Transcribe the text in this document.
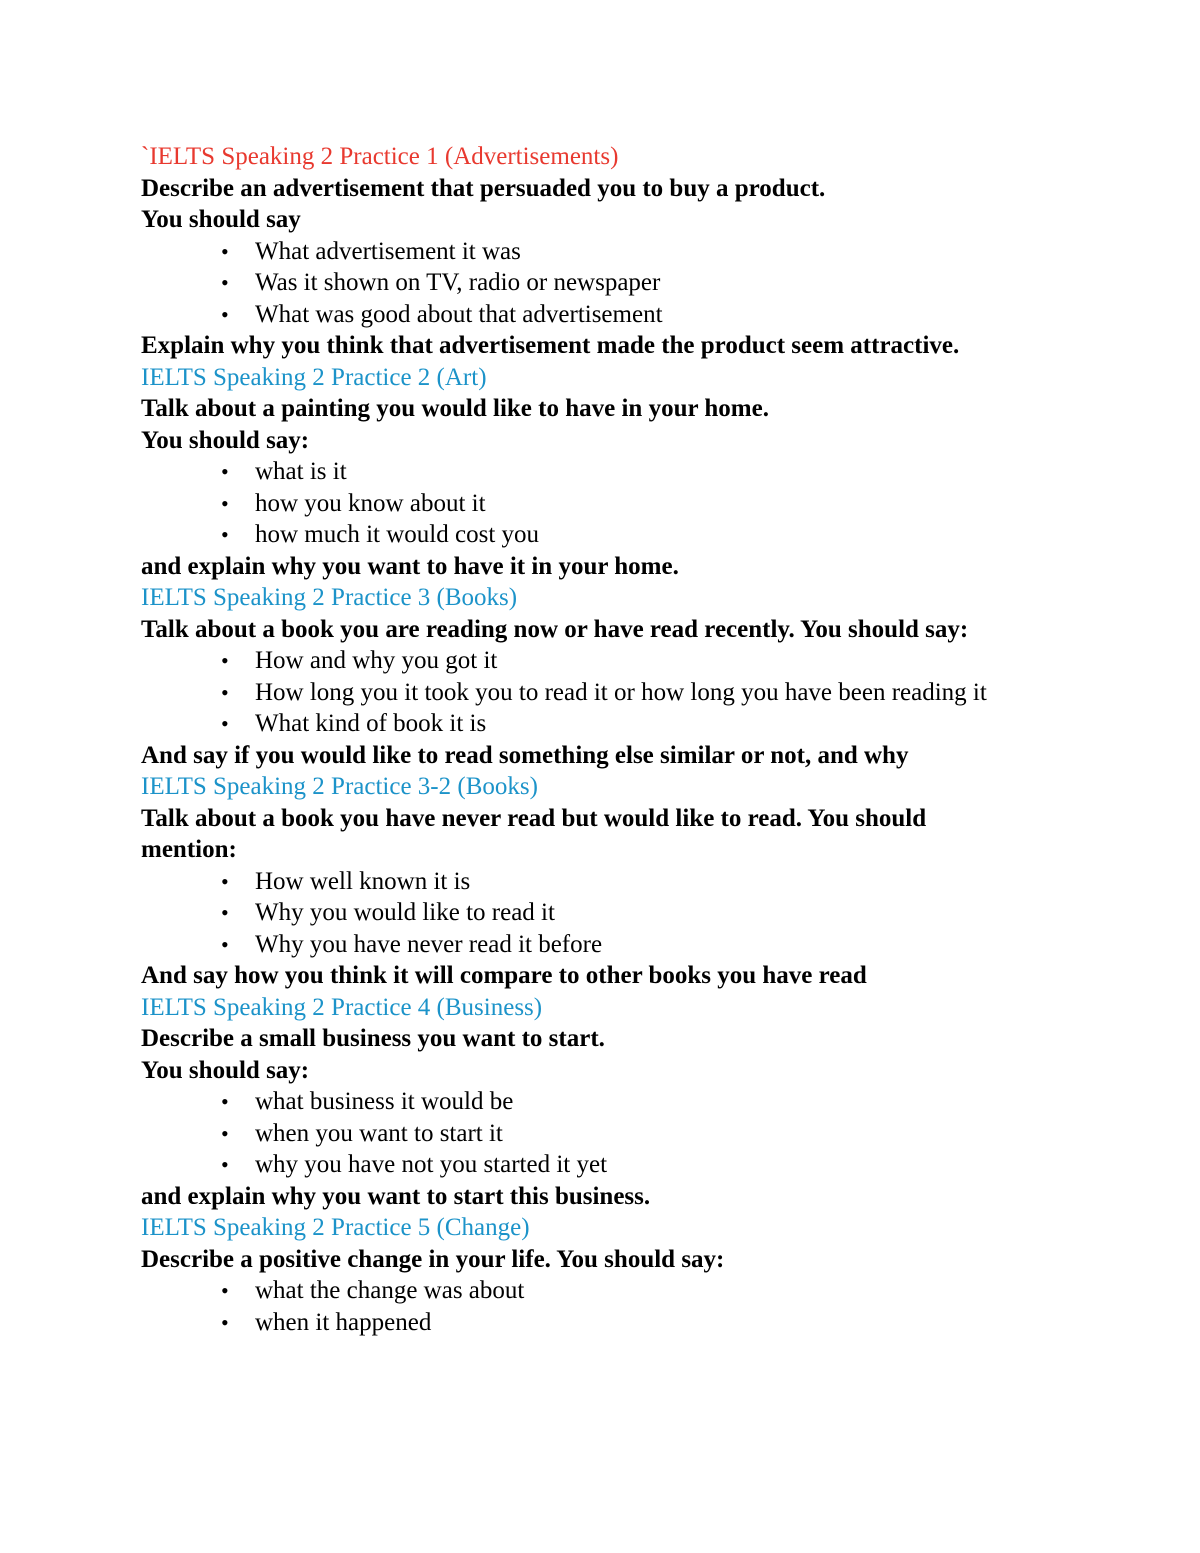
`IELTS Speaking 2 Practice 1 (Advertisements)

Describe an advertisement that persuaded you to buy a product.

You should say

• What advertisement it was
• Was it shown on TV, radio or newspaper
• What was good about that advertisement

Explain why you think that advertisement made the product seem attractive.

IELTS Speaking 2 Practice 2 (Art)

Talk about a painting you would like to have in your home.

You should say:

• what is it
• how you know about it
• how much it would cost you

and explain why you want to have it in your home.

IELTS Speaking 2 Practice 3 (Books)

Talk about a book you are reading now or have read recently. You should say:

• How and why you got it
• How long you it took you to read it or how long you have been reading it
• What kind of book it is

And say if you would like to read something else similar or not, and why

IELTS Speaking 2 Practice 3-2 (Books)

Talk about a book you have never read but would like to read. You should mention:

• How well known it is
• Why you would like to read it
• Why you have never read it before

And say how you think it will compare to other books you have read

IELTS Speaking 2 Practice 4 (Business)

Describe a small business you want to start.

You should say:

• what business it would be
• when you want to start it
• why you have not you started it yet

and explain why you want to start this business.

IELTS Speaking 2 Practice 5 (Change)

Describe a positive change in your life. You should say:

• what the change was about
• when it happened
